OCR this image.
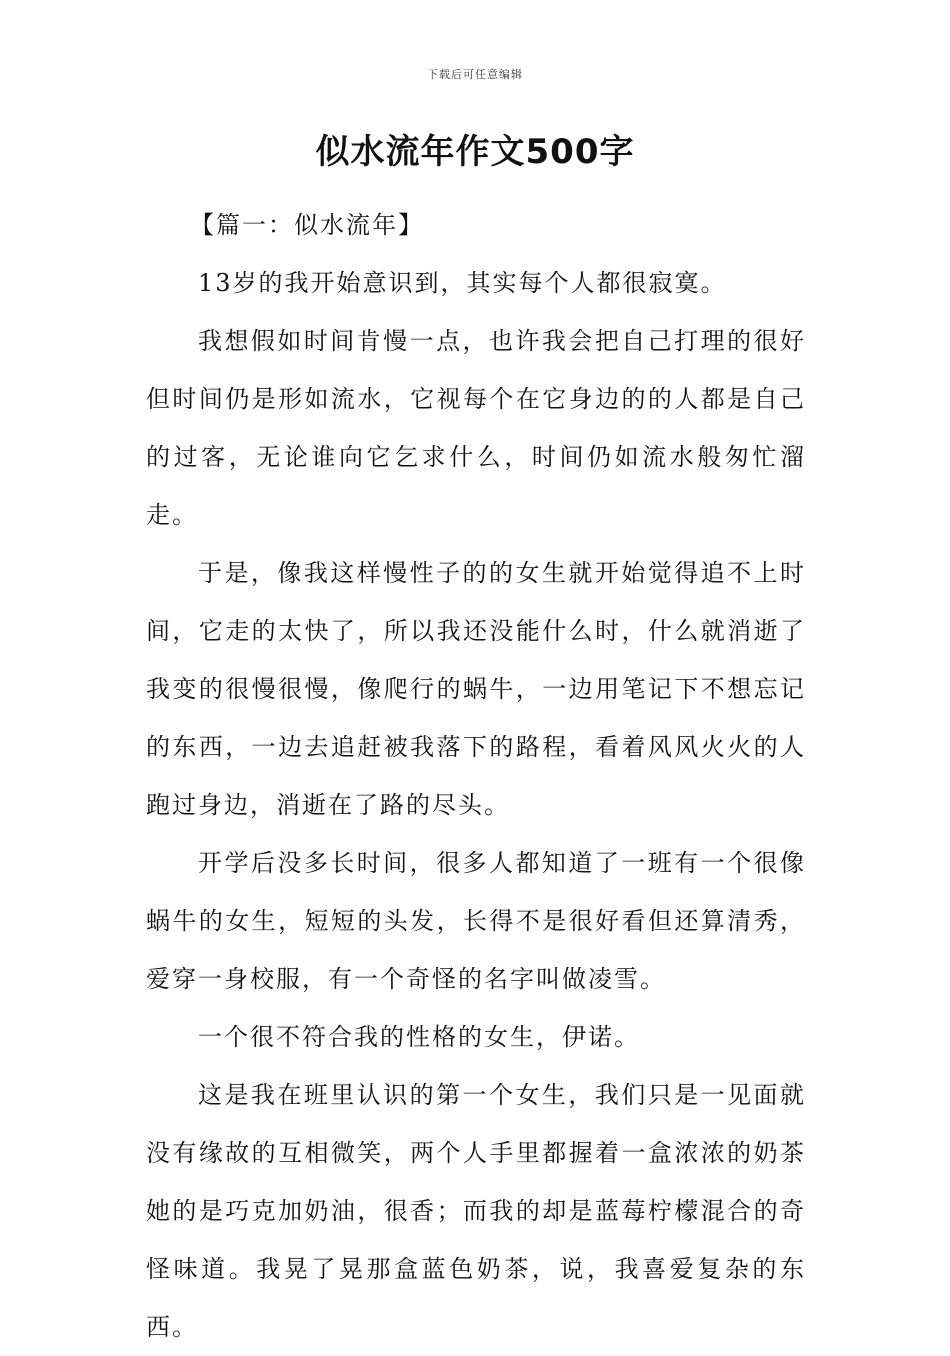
下载后可任意编辑
似水流年作文500字

【篇一：似水流年】

13岁的我开始意识到，其实每个人都很寂寞。

我想假如时间肯慢一点，也许我会把自己打理的很好但时间仍是形如流水，它视每个在它身边的的人都是自己的过客，无论谁向它乞求什么，时间仍如流水般匆忙溜走。

于是，像我这样慢性子的的女生就开始觉得追不上时间，它走的太快了，所以我还没能什么时，什么就消逝了我变的很慢很慢，像爬行的蜗牛，一边用笔记下不想忘记的东西，一边去追赶被我落下的路程，看着风风火火的人跑过身边，消逝在了路的尽头。

开学后没多长时间，很多人都知道了一班有一个很像蜗牛的女生，短短的头发，长得不是很好看但还算清秀，爱穿一身校服，有一个奇怪的名字叫做凌雪。

一个很不符合我的性格的女生，伊诺。

这是我在班里认识的第一个女生，我们只是一见面就没有缘故的互相微笑，两个人手里都握着一盒浓浓的奶茶她的是巧克加奶油，很香；而我的却是蓝莓柠檬混合的奇怪味道。我晃了晃那盒蓝色奶茶，说，我喜爱复杂的东西。
